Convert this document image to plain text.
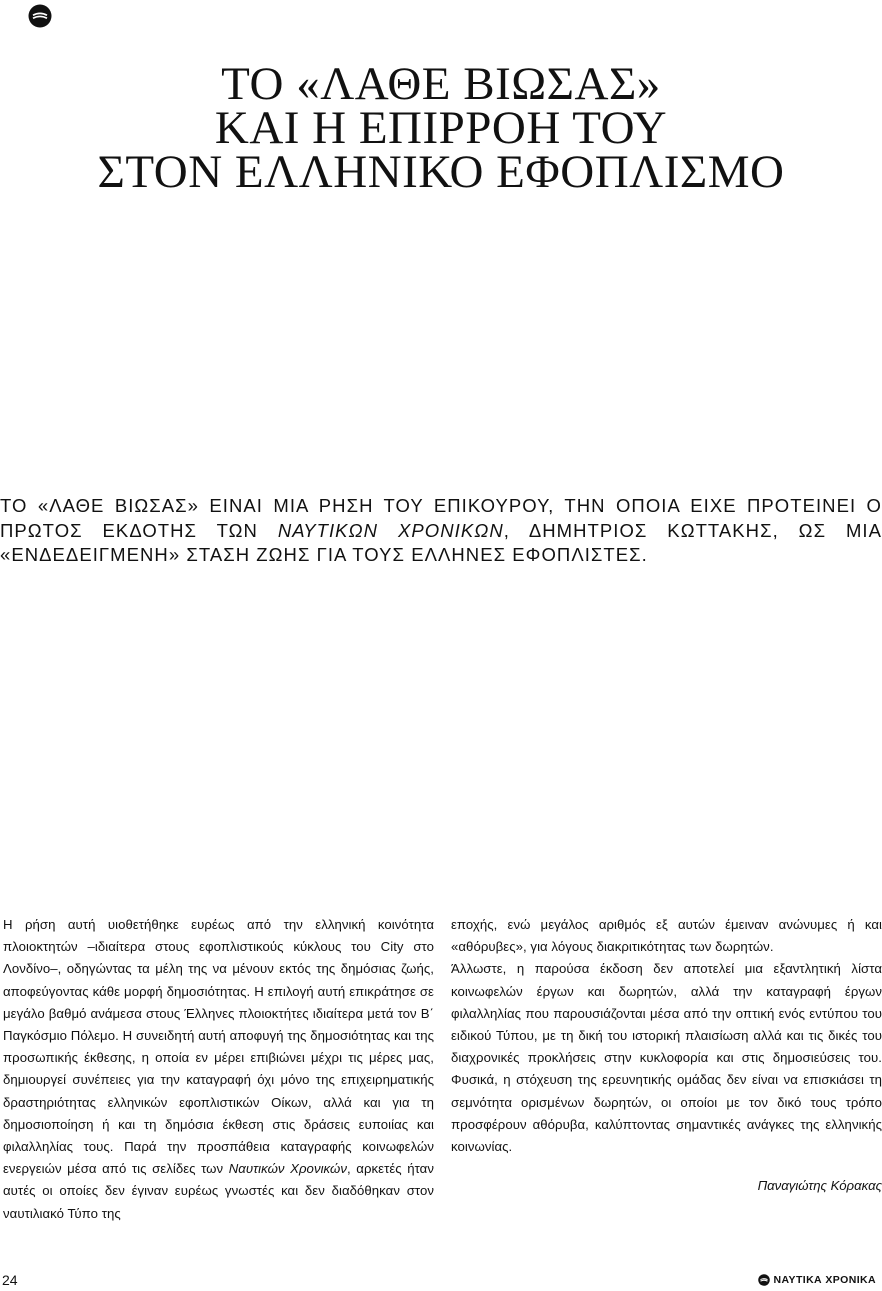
ΤΟ «ΛΑΘΕ ΒΙΩΣΑΣ»
ΚΑΙ Η ΕΠΙΡΡΟΗ ΤΟΥ
ΣΤΟΝ ΕΛΛΗΝΙΚΟ ΕΦΟΠΛΙΣΜΟ

ΤΟ «ΛΑΘΕ ΒΙΩΣΑΣ» ΕΙΝΑΙ ΜΙΑ ΡΗΣΗ ΤΟΥ ΕΠΙΚΟΥΡΟΥ, ΤΗΝ ΟΠΟΙΑ ΕΙΧΕ ΠΡΟΤΕΙΝΕΙ Ο ΠΡΩΤΟΣ ΕΚΔΟΤΗΣ ΤΩΝ ΝΑΥΤΙΚΩΝ ΧΡΟΝΙΚΩΝ, ΔΗΜΗΤΡΙΟΣ ΚΩΤΤΑΚΗΣ, ΩΣ ΜΙΑ «ΕΝΔΕΔΕΙΓΜΕΝΗ» ΣΤΑΣΗ ΖΩΗΣ ΓΙΑ ΤΟΥΣ ΕΛΛΗΝΕΣ ΕΦΟΠΛΙΣΤΕΣ.

Η ρήση αυτή υιοθετήθηκε ευρέως από την ελληνική κοινότητα πλοιοκτητών –ιδιαίτερα στους εφοπλιστικούς κύκλους του City στο Λονδίνο–, οδηγώντας τα μέλη της να μένουν εκτός της δημόσιας ζωής, αποφεύγοντας κάθε μορφή δημοσιότητας. Η επιλογή αυτή επικράτησε σε μεγάλο βαθμό ανάμεσα στους Έλληνες πλοιοκτήτες ιδιαίτερα μετά τον Β΄ Παγκόσμιο Πόλεμο. Η συνειδητή αυτή αποφυγή της δημοσιότητας και της προσωπικής έκθεσης, η οποία εν μέρει επιβιώνει μέχρι τις μέρες μας, δημιουργεί συνέπειες για την καταγραφή όχι μόνο της επιχειρηματικής δραστηριότητας ελληνικών εφοπλιστικών Οίκων, αλλά και για τη δημοσιοποίηση ή και τη δημόσια έκθεση στις δράσεις ευποιίας και φιλαλληλίας τους. Παρά την προσπάθεια καταγραφής κοινωφελών ενεργειών μέσα από τις σελίδες των Ναυτικών Χρονικών, αρκετές ήταν αυτές οι οποίες δεν έγιναν ευρέως γνωστές και δεν διαδόθηκαν στον ναυτιλιακό Τύπο της

εποχής, ενώ μεγάλος αριθμός εξ αυτών έμειναν ανώνυμες ή και «αθόρυβες», για λόγους διακριτικότητας των δωρητών.
Άλλωστε, η παρούσα έκδοση δεν αποτελεί μια εξαντλητική λίστα κοινωφελών έργων και δωρητών, αλλά την καταγραφή έργων φιλαλληλίας που παρουσιάζονται μέσα από την οπτική ενός εντύπου του ειδικού Τύπου, με τη δική του ιστορική πλαισίωση αλλά και τις δικές του διαχρονικές προκλήσεις στην κυκλοφορία και στις δημοσιεύσεις του. Φυσικά, η στόχευση της ερευνητικής ομάδας δεν είναι να επισκιάσει τη σεμνότητα ορισμένων δωρητών, οι οποίοι με τον δικό τους τρόπο προσφέρουν αθόρυβα, καλύπτοντας σημαντικές ανάγκες της ελληνικής κοινωνίας.

Παναγιώτης Κόρακας

24	ΝΑΥΤΙΚΑ ΧΡΟΝΙΚΑ
